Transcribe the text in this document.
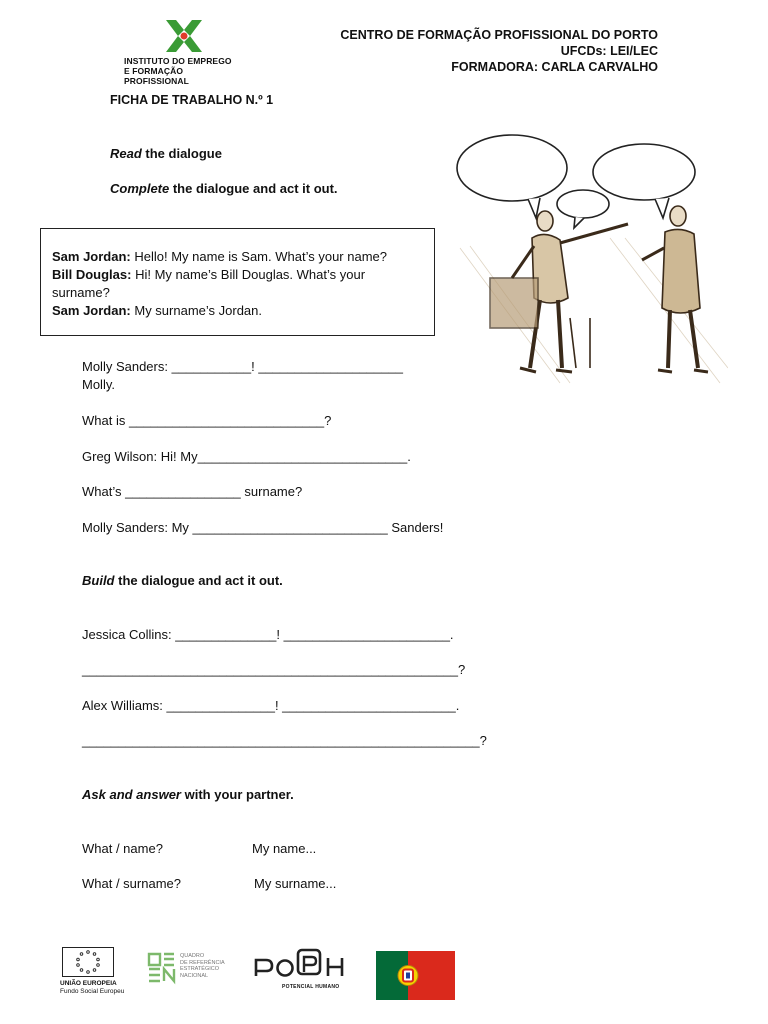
INSTITUTO DO EMPREGO
E FORMAÇÃO PROFISSIONAL
CENTRO DE FORMAÇÃO PROFISSIONAL DO PORTO
UFCDs: LEI/LEC
FORMADORA: CARLA CARVALHO
FICHA DE TRABALHO N.º 1
Read the dialogue
Complete the dialogue and act it out.

Sam Jordan: Hello! My name is Sam. What’s your name?

Bill Douglas: Hi! My name’s Bill Douglas. What’s your surname?

Sam Jordan: My surname’s Jordan.

Molly Sanders: ___________! ____________________
Molly.
What is ___________________________?
Greg Wilson: Hi! My_____________________________.
What’s ________________ surname?
Molly Sanders: My ___________________________ Sanders!
Build the dialogue and act it out.
Jessica Collins: ______________! _______________________.
____________________________________________________?
Alex Williams: _______________! ________________________.
_______________________________________________________?
Ask and answer with your partner.
What / name?	My name...
What / surname?	My surname...
UNIÃO EUROPEIA
Fundo Social Europeu
QUADRO
DE REFERÊNCIA
ESTRATÉGICO
NACIONAL
POTENCIAL HUMANO
